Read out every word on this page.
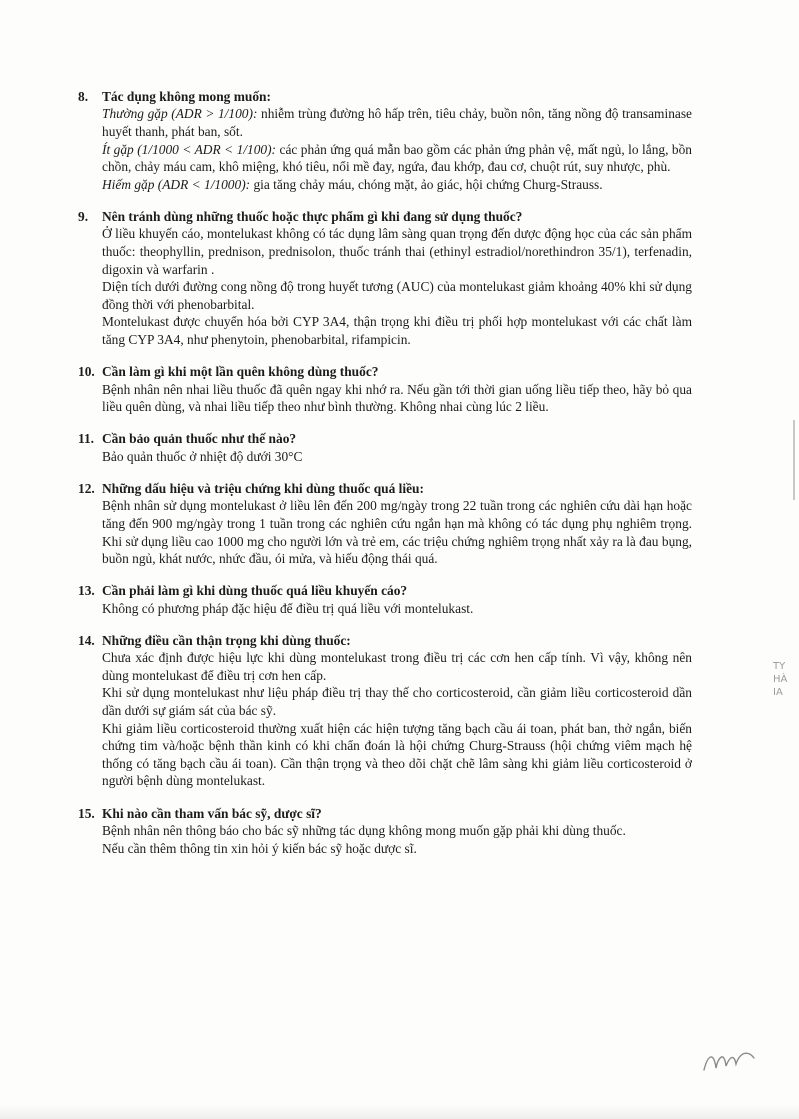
8. Tác dụng không mong muốn:

Thường gặp (ADR > 1/100): nhiễm trùng đường hô hấp trên, tiêu chảy, buồn nôn, tăng nồng độ transaminase huyết thanh, phát ban, sốt.

Ít gặp (1/1000 < ADR < 1/100): các phản ứng quá mẫn bao gồm các phản ứng phản vệ, mất ngủ, lo lắng, bồn chồn, chảy máu cam, khô miệng, khó tiêu, nổi mề đay, ngứa, đau khớp, đau cơ, chuột rút, suy nhược, phù.

Hiếm gặp (ADR < 1/1000): gia tăng chảy máu, chóng mặt, ảo giác, hội chứng Churg-Strauss.

9. Nên tránh dùng những thuốc hoặc thực phẩm gì khi đang sử dụng thuốc?

Ở liều khuyến cáo, montelukast không có tác dụng lâm sàng quan trọng đến dược động học của các sản phẩm thuốc: theophyllin, prednison, prednisolon, thuốc tránh thai (ethinyl estradiol/norethindron 35/1), terfenadin, digoxin và warfarin .

Diện tích dưới đường cong nồng độ trong huyết tương (AUC) của montelukast giảm khoảng 40% khi sử dụng đồng thời với phenobarbital.

Montelukast được chuyển hóa bởi CYP 3A4, thận trọng khi điều trị phối hợp montelukast với các chất làm tăng CYP 3A4, như phenytoin, phenobarbital, rifampicin.

10. Cần làm gì khi một lần quên không dùng thuốc?

Bệnh nhân nên nhai liều thuốc đã quên ngay khi nhớ ra. Nếu gần tới thời gian uống liều tiếp theo, hãy bỏ qua liều quên dùng, và nhai liều tiếp theo như bình thường. Không nhai cùng lúc 2 liều.

11. Cần bảo quản thuốc như thế nào?

Bảo quản thuốc ở nhiệt độ dưới 30°C

12. Những dấu hiệu và triệu chứng khi dùng thuốc quá liều:

Bệnh nhân sử dụng montelukast ở liều lên đến 200 mg/ngày trong 22 tuần trong các nghiên cứu dài hạn hoặc tăng đến 900 mg/ngày trong 1 tuần trong các nghiên cứu ngắn hạn mà không có tác dụng phụ nghiêm trọng. Khi sử dụng liều cao 1000 mg cho người lớn và trẻ em, các triệu chứng nghiêm trọng nhất xảy ra là đau bụng, buồn ngủ, khát nước, nhức đầu, ói mửa, và hiếu động thái quá.

13. Cần phải làm gì khi dùng thuốc quá liều khuyến cáo?

Không có phương pháp đặc hiệu để điều trị quá liều với montelukast.

14. Những điều cần thận trọng khi dùng thuốc:

Chưa xác định được hiệu lực khi dùng montelukast trong điều trị các cơn hen cấp tính. Vì vậy, không nên dùng montelukast để điều trị cơn hen cấp.

Khi sử dụng montelukast như liệu pháp điều trị thay thế cho corticosteroid, cần giảm liều corticosteroid dần dần dưới sự giám sát của bác sỹ.

Khi giảm liều corticosteroid thường xuất hiện các hiện tượng tăng bạch cầu ái toan, phát ban, thở ngắn, biến chứng tim và/hoặc bệnh thần kinh có khi chẩn đoán là hội chứng Churg-Strauss (hội chứng viêm mạch hệ thống có tăng bạch cầu ái toan). Cần thận trọng và theo dõi chặt chẽ lâm sàng khi giảm liều corticosteroid ở người bệnh dùng montelukast.

15. Khi nào cần tham vấn bác sỹ, dược sĩ?

Bệnh nhân nên thông báo cho bác sỹ những tác dụng không mong muốn gặp phải khi dùng thuốc.

Nếu cần thêm thông tin xin hỏi ý kiến bác sỹ hoặc dược sĩ.

TY
HÀ
IA
